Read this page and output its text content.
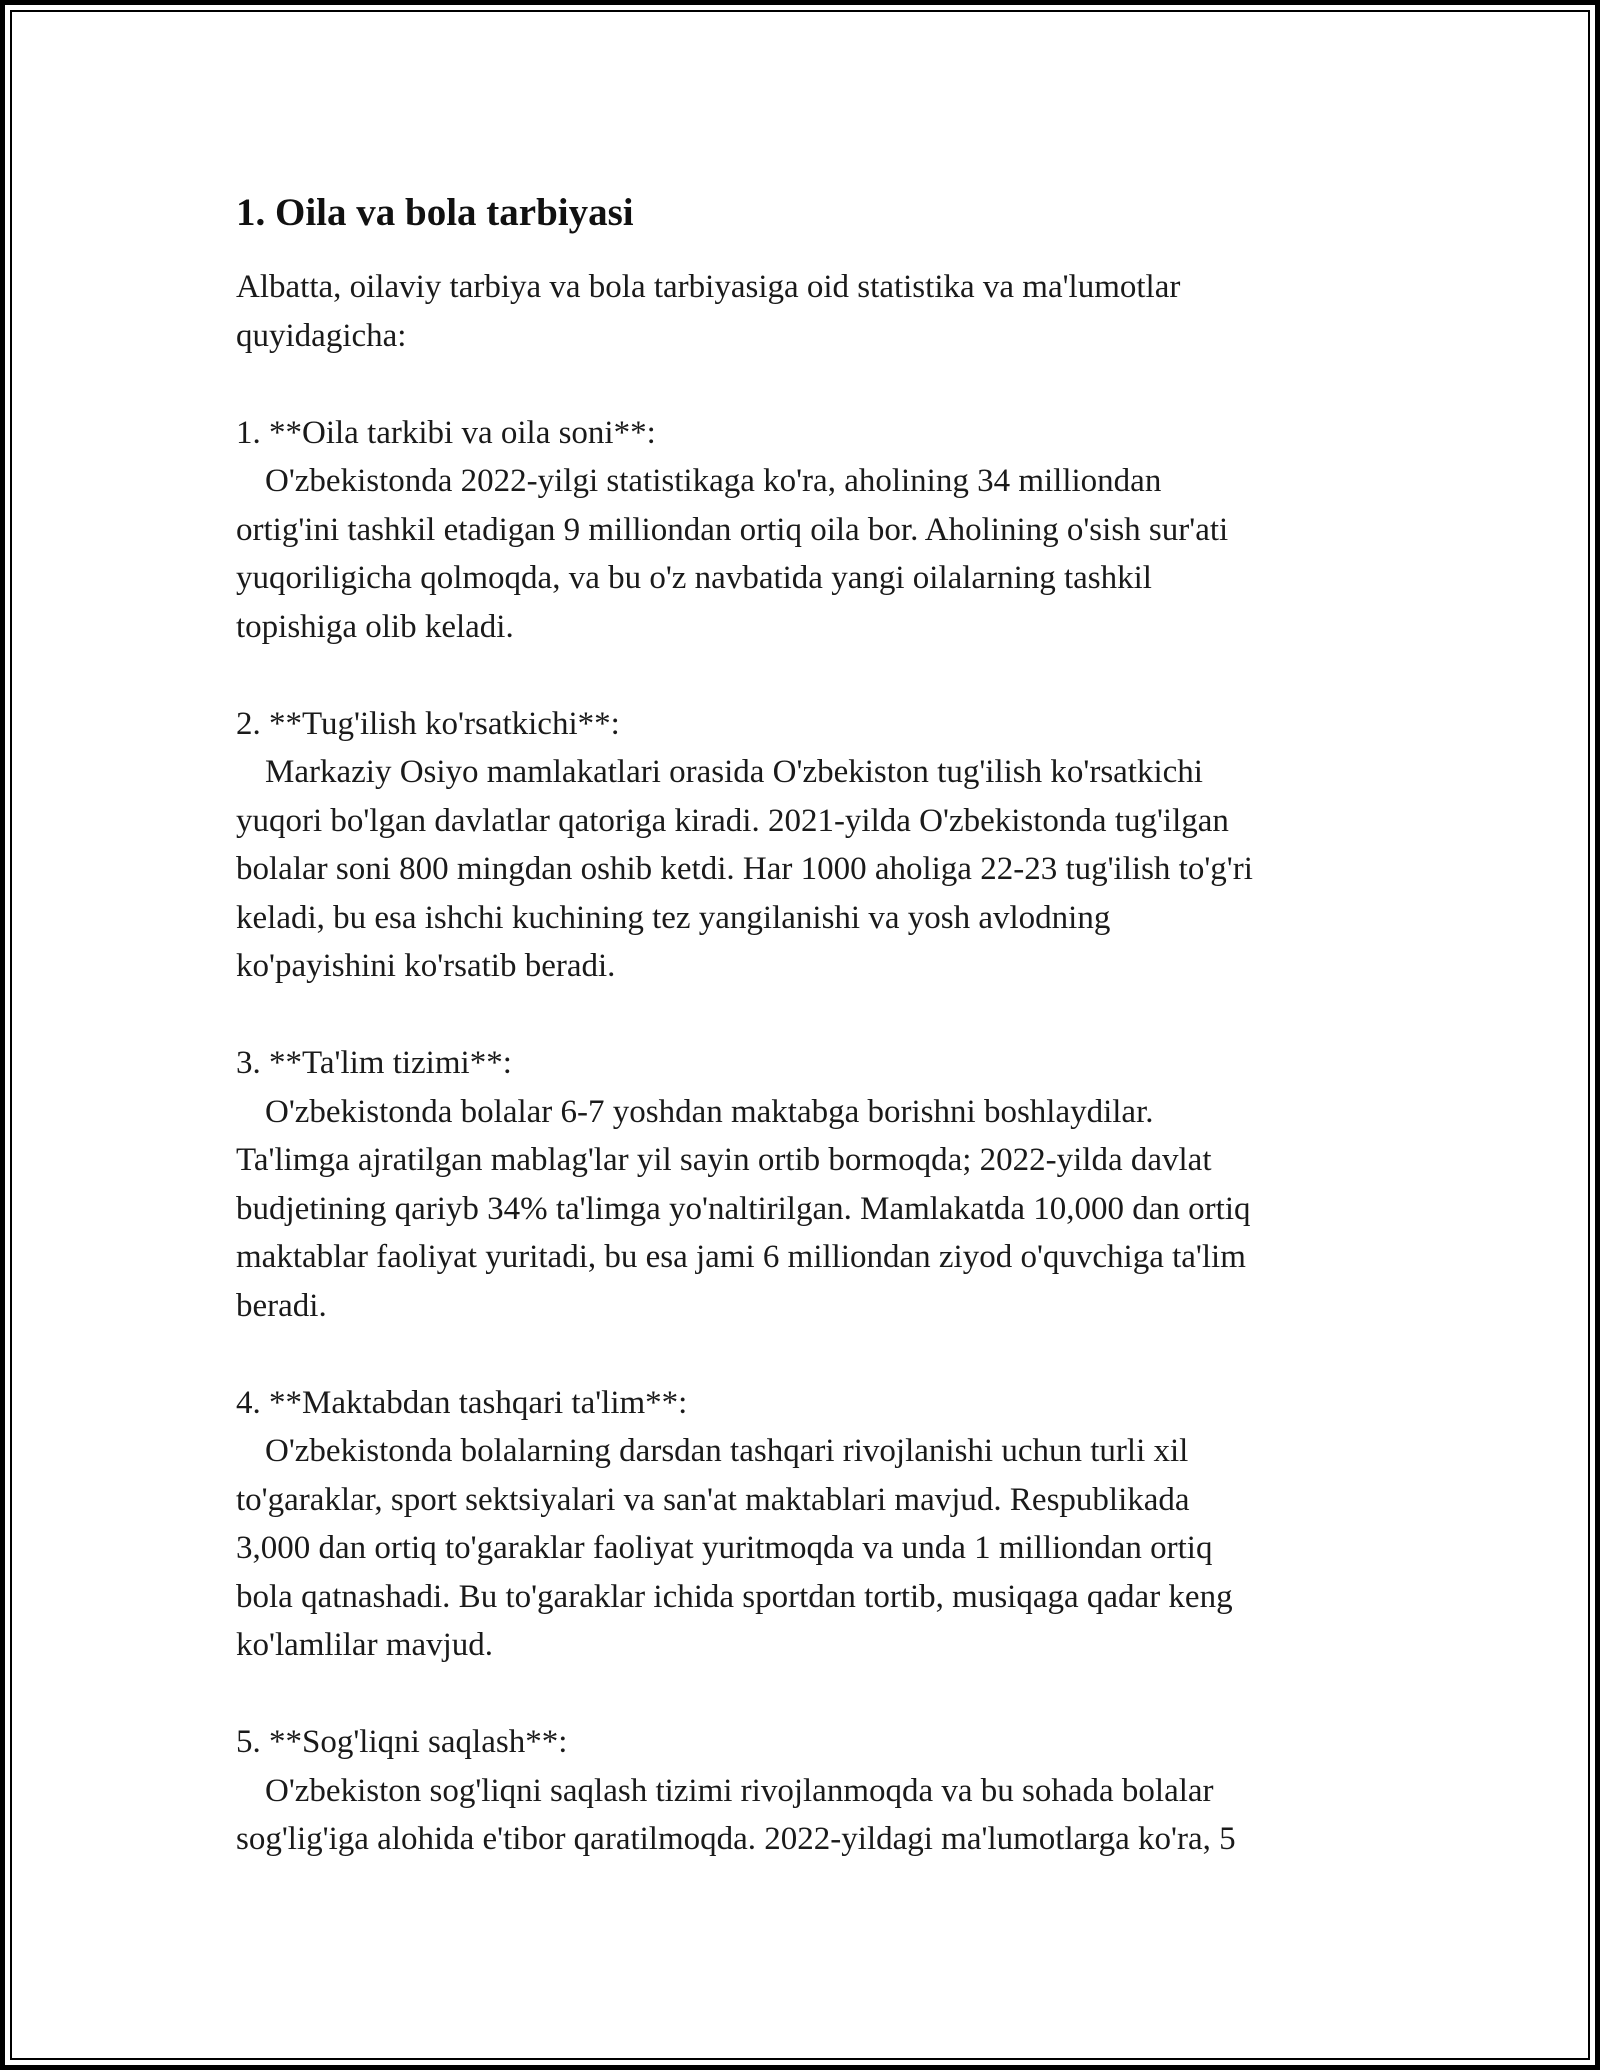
1. Oila va bola tarbiyasi

Albatta, oilaviy tarbiya va bola tarbiyasiga oid statistika va ma'lumotlar
quyidagicha:

1. **Oila tarkibi va oila soni**:
O'zbekistonda 2022-yilgi statistikaga ko'ra, aholining 34 milliondan
ortig'ini tashkil etadigan 9 milliondan ortiq oila bor. Aholining o'sish sur'ati
yuqoriligicha qolmoqda, va bu o'z navbatida yangi oilalarning tashkil
topishiga olib keladi.
2. **Tug'ilish ko'rsatkichi**:
Markaziy Osiyo mamlakatlari orasida O'zbekiston tug'ilish ko'rsatkichi
yuqori bo'lgan davlatlar qatoriga kiradi. 2021-yilda O'zbekistonda tug'ilgan
bolalar soni 800 mingdan oshib ketdi. Har 1000 aholiga 22-23 tug'ilish to'g'ri
keladi, bu esa ishchi kuchining tez yangilanishi va yosh avlodning
ko'payishini ko'rsatib beradi.
3. **Ta'lim tizimi**:
O'zbekistonda bolalar 6-7 yoshdan maktabga borishni boshlaydilar.
Ta'limga ajratilgan mablag'lar yil sayin ortib bormoqda; 2022-yilda davlat
budjetining qariyb 34% ta'limga yo'naltirilgan. Mamlakatda 10,000 dan ortiq
maktablar faoliyat yuritadi, bu esa jami 6 milliondan ziyod o'quvchiga ta'lim
beradi.
4. **Maktabdan tashqari ta'lim**:
O'zbekistonda bolalarning darsdan tashqari rivojlanishi uchun turli xil
to'garaklar, sport sektsiyalari va san'at maktablari mavjud. Respublikada
3,000 dan ortiq to'garaklar faoliyat yuritmoqda va unda 1 milliondan ortiq
bola qatnashadi. Bu to'garaklar ichida sportdan tortib, musiqaga qadar keng
ko'lamlilar mavjud.
5. **Sog'liqni saqlash**:
O'zbekiston sog'liqni saqlash tizimi rivojlanmoqda va bu sohada bolalar
sog'lig'iga alohida e'tibor qaratilmoqda. 2022-yildagi ma'lumotlarga ko'ra, 5
